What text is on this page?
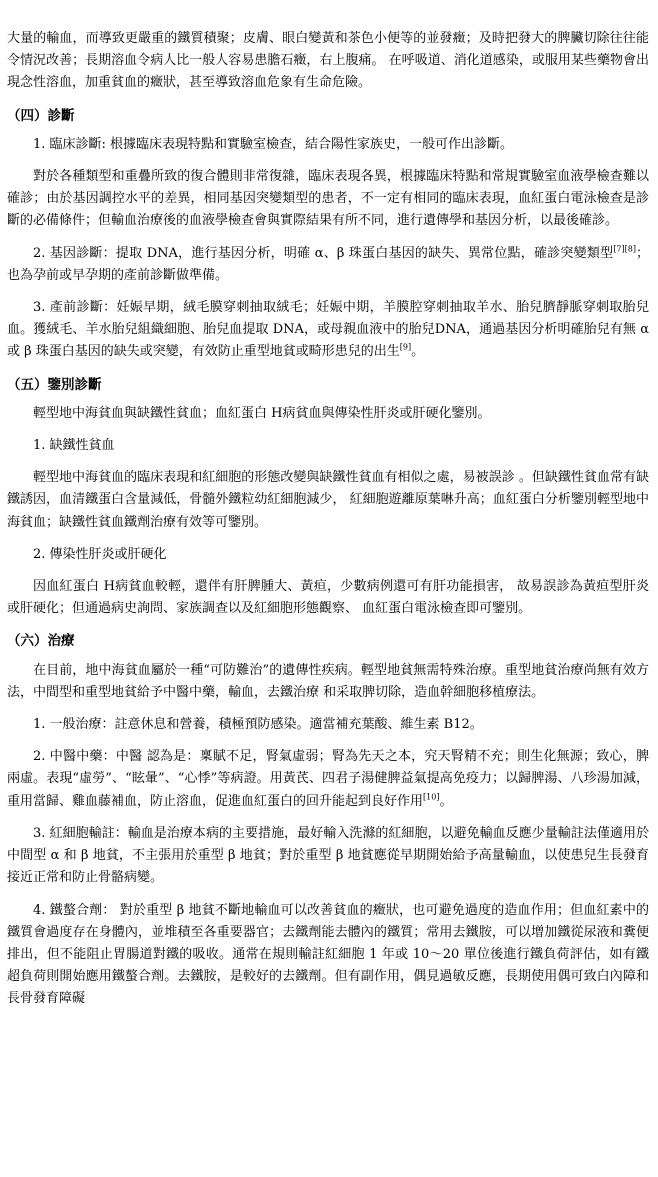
大量的輸血，而導致更嚴重的鐵質積聚；皮膚、眼白變黃和茶色小便等的並發癥；及時把發大的脾臟切除往往能令情況改善；長期溶血令病人比一般人容易患膽石癥，右上腹痛。 在呼吸道、消化道感染，或服用某些藥物會出現念性溶血，加重貧血的癥狀，甚至導致溶血危象有生命危險。

（四）診斷

1. 臨床診斷: 根據臨床表現特點和實驗室檢查，結合陽性家族史，一般可作出診斷。

對於各種類型和重疊所致的復合體則非常復雜，臨床表現各異，根據臨床特點和常規實驗室血液學檢查難以確診；由於基因調控水平的差異，相同基因突變類型的患者，不一定有相同的臨床表現，血紅蛋白電泳檢查是診斷的必備條件；但輸血治療後的血液學檢查會與實際結果有所不同，進行遺傳學和基因分析，以最後確診。

2. 基因診斷：提取 DNA，進行基因分析，明確 α、β 珠蛋白基因的缺失、異常位點，確診突變類型[7][8]；也為孕前或早孕期的產前診斷做準備。

3. 產前診斷：妊娠早期，絨毛膜穿刺抽取絨毛；妊娠中期，羊膜腔穿刺抽取羊水、胎兒臍靜脈穿刺取胎兒血。獲絨毛、羊水胎兒組織細胞、胎兒血提取 DNA，或母親血液中的胎兒DNA，通過基因分析明確胎兒有無 α 或 β 珠蛋白基因的缺失或突變，有效防止重型地貧或畸形患兒的出生[9]。

（五）鑒別診斷

輕型地中海貧血與缺鐵性貧血；血紅蛋白 H病貧血與傳染性肝炎或肝硬化鑒別。

1. 缺鐵性貧血

輕型地中海貧血的臨床表現和紅細胞的形態改變與缺鐵性貧血有相似之處，易被誤診 。但缺鐵性貧血常有缺鐵誘因，血清鐵蛋白含量減低，骨髓外鐵粒幼紅細胞減少， 紅細胞遊離原葉啉升高；血紅蛋白分析鑒別輕型地中海貧血；缺鐵性貧血鐵劑治療有效等可鑒別。

2. 傳染性肝炎或肝硬化

因血紅蛋白 H病貧血較輕，還伴有肝脾腫大、黃疸，少數病例還可有肝功能損害， 故易誤診為黃疸型肝炎或肝硬化；但通過病史詢問、家族調查以及紅細胞形態觀察、 血紅蛋白電泳檢查即可鑒別。

（六）治療

在目前，地中海貧血屬於一種“可防難治”的遺傳性疾病。輕型地貧無需特殊治療。重型地貧治療尚無有效方法，中間型和重型地貧給予中醫中藥，輸血，去鐵治療 和采取脾切除，造血幹細胞移植療法。

1. 一般治療：註意休息和營養，積極預防感染。適當補充葉酸、維生素 B12。

2. 中醫中藥：中醫 認為是：稟賦不足，腎氣虛弱；腎為先天之本，究天腎精不充；則生化無源；致心，脾兩虛。表現“虛勞”、“眩暈”、“心悸”等病證。用黃芪、四君子湯健脾益氣提高免疫力；以歸脾湯、八珍湯加減，重用當歸、雞血藤補血，防止溶血，促進血紅蛋白的回升能起到良好作用[10]。

3. 紅細胞輸註：輸血是治療本病的主要措施，最好輸入洗滌的紅細胞，以避免輸血反應少量輸註法僅適用於中間型 α 和 β 地貧，不主張用於重型 β 地貧；對於重型 β 地貧應從早期開始給予高量輸血，以使患兒生長發育接近正常和防止骨骼病變。

4. 鐵螯合劑： 對於重型 β 地貧不斷地輸血可以改善貧血的癥狀，也可避免過度的造血作用；但血紅素中的鐵質會過度存在身體內，並堆積至各重要器官；去鐵劑能去體內的鐵質；常用去鐵胺，可以增加鐵從尿液和糞便排出，但不能阻止胃腸道對鐵的吸收。通常在規則輸註紅細胞 1 年或 10～20 單位後進行鐵負荷評估，如有鐵超負荷則開始應用鐵螯合劑。去鐵胺，是較好的去鐵劑。但有副作用，偶見過敏反應，長期使用偶可致白內障和長骨發育障礙
